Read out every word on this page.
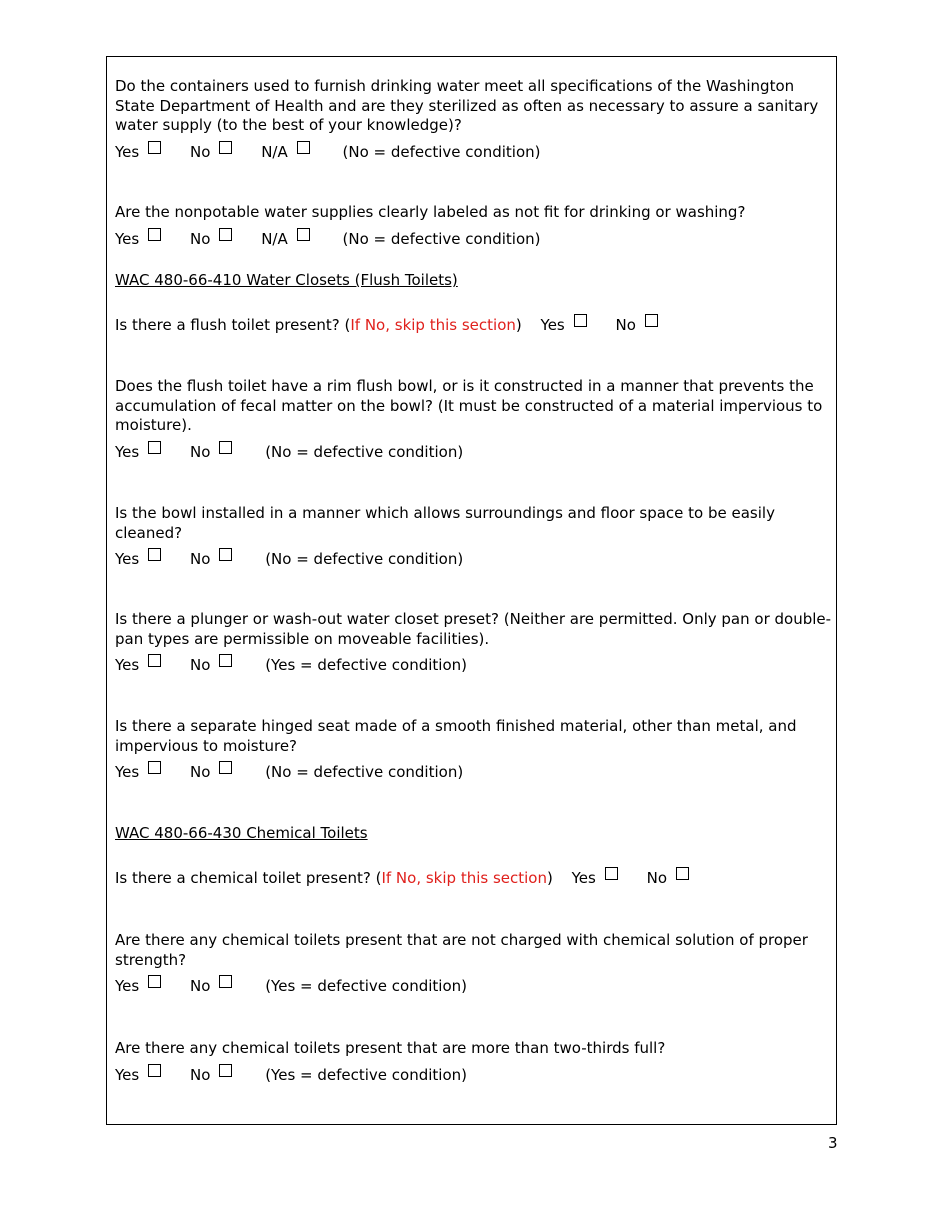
Do the containers used to furnish drinking water meet all specifications of the Washington State Department of Health and are they sterilized as often as necessary to assure a sanitary water supply (to the best of your knowledge)?

Yes	No	N/A	(No = defective condition)

Are the nonpotable water supplies clearly labeled as not fit for drinking or washing?

Yes	No	N/A	(No = defective condition)
WAC 480-66-410 Water Closets (Flush Toilets)
Is there a flush toilet present? (If No, skip this section) Yes	No

Does the flush toilet have a rim flush bowl, or is it constructed in a manner that prevents the accumulation of fecal matter on the bowl? (It must be constructed of a material impervious to moisture).

Yes	No	(No = defective condition)

Is the bowl installed in a manner which allows surroundings and floor space to be easily cleaned?

Yes	No	(No = defective condition)

Is there a plunger or wash-out water closet preset? (Neither are permitted. Only pan or double-pan types are permissible on moveable facilities).

Yes	No	(Yes = defective condition)

Is there a separate hinged seat made of a smooth finished material, other than metal, and impervious to moisture?

Yes	No	(No = defective condition)
WAC 480-66-430 Chemical Toilets
Is there a chemical toilet present? (If No, skip this section) Yes	No

Are there any chemical toilets present that are not charged with chemical solution of proper strength?

Yes	No	(Yes = defective condition)

Are there any chemical toilets present that are more than two-thirds full?

Yes	No	(Yes = defective condition)
3
